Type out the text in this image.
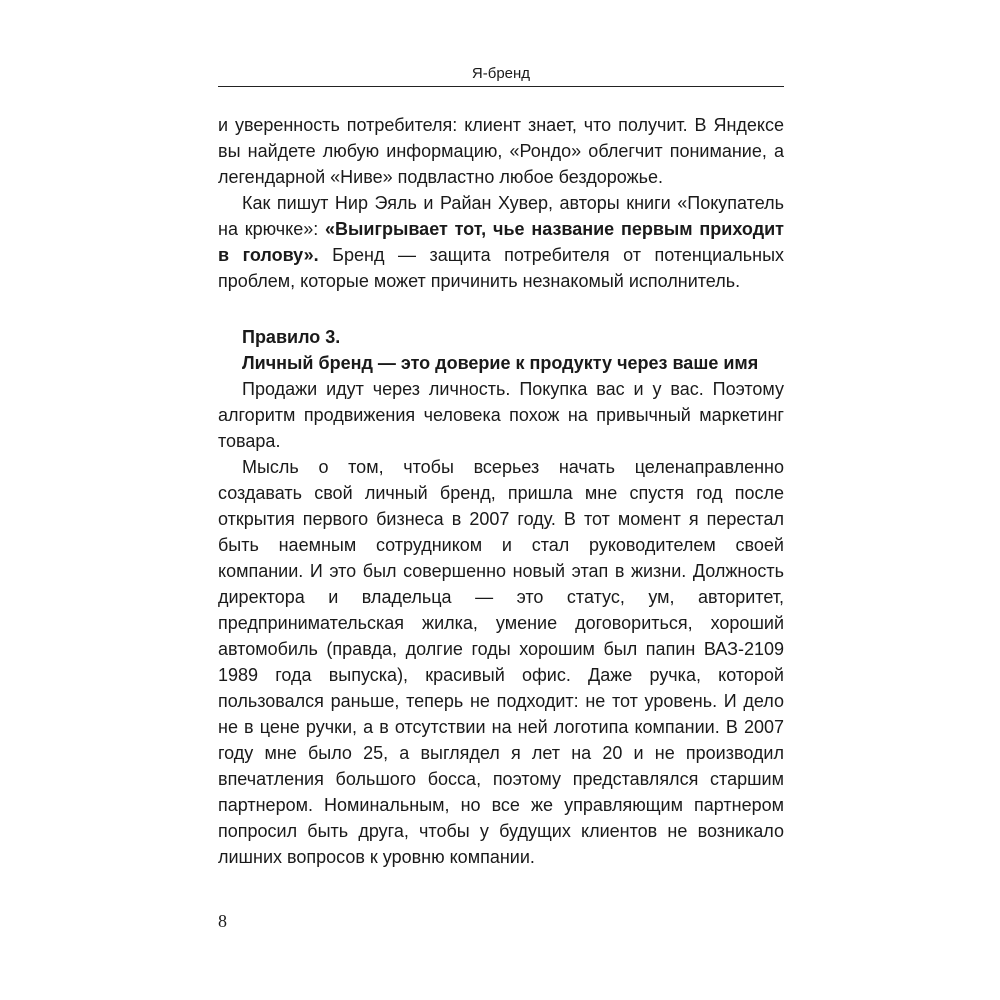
Я-бренд

и уверенность потребителя: клиент знает, что получит. В Яндексе вы найдете любую информацию, «Рондо» облегчит понимание, а легендарной «Ниве» подвластно любое бездорожье.

Как пишут Нир Эяль и Райан Хувер, авторы книги «Покупатель на крючке»: «Выигрывает тот, чье название первым приходит в голову». Бренд — защита потребителя от потенциальных проблем, которые может причинить незнакомый исполнитель.

Правило 3.

Личный бренд — это доверие к продукту через ваше имя

Продажи идут через личность. Покупка вас и у вас. Поэтому алгоритм продвижения человека похож на привычный маркетинг товара.

Мысль о том, чтобы всерьез начать целенаправленно создавать свой личный бренд, пришла мне спустя год после открытия первого бизнеса в 2007 году. В тот момент я перестал быть наемным сотрудником и стал руководителем своей компании. И это был совершенно новый этап в жизни. Должность директора и владельца — это статус, ум, авторитет, предпринимательская жилка, умение договориться, хороший автомобиль (правда, долгие годы хорошим был папин ВАЗ-2109 1989 года выпуска), красивый офис. Даже ручка, которой пользовался раньше, теперь не подходит: не тот уровень. И дело не в цене ручки, а в отсутствии на ней логотипа компании. В 2007 году мне было 25, а выглядел я лет на 20 и не производил впечатления большого босса, поэтому представлялся старшим партнером. Номинальным, но все же управляющим партнером попросил быть друга, чтобы у будущих клиентов не возникало лишних вопросов к уровню компании.

8
